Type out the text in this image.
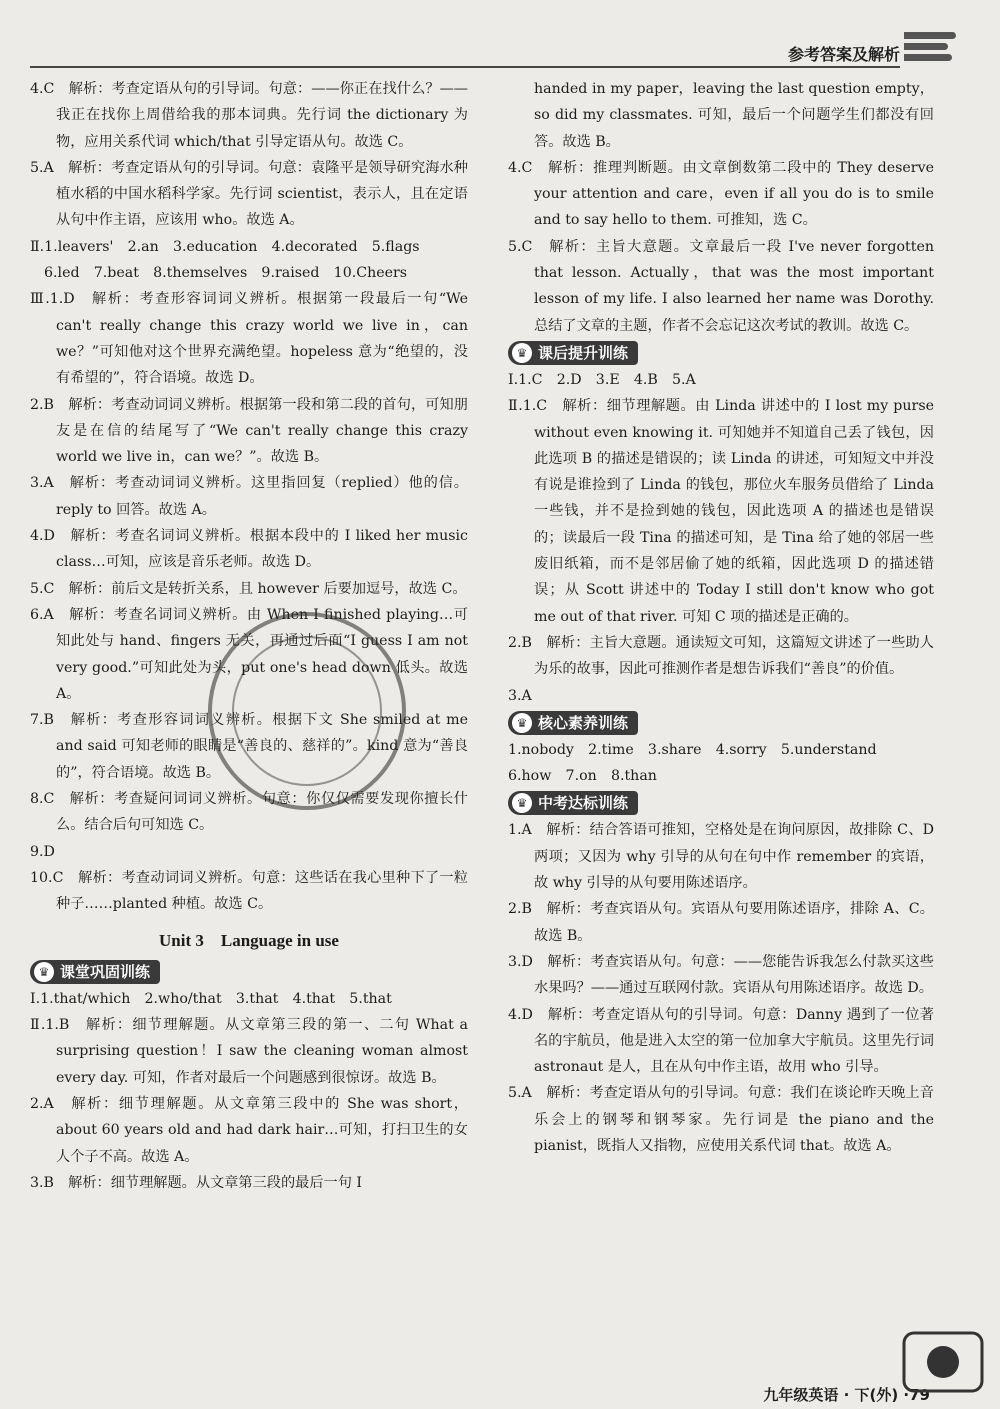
参考答案及解析

4.C　解析：考查定语从句的引导词。句意：——你正在找什么？——我正在找你上周借给我的那本词典。先行词 the dictionary 为物，应用关系代词 which/that 引导定语从句。故选 C。

5.A　解析：考查定语从句的引导词。句意：袁隆平是领导研究海水种植水稻的中国水稻科学家。先行词 scientist，表示人，且在定语从句中作主语，应该用 who。故选 A。

Ⅱ.1.leavers'　2.an　3.education　4.decorated　5.flags

6.led　7.beat　8.themselves　9.raised　10.Cheers

Ⅲ.1.D　解析：考查形容词词义辨析。根据第一段最后一句“We can't really change this crazy world we live in，can we？”可知他对这个世界充满绝望。hopeless 意为“绝望的，没有希望的”，符合语境。故选 D。

2.B　解析：考查动词词义辨析。根据第一段和第二段的首句，可知朋友是在信的结尾写了“We can't really change this crazy world we live in，can we？”。故选 B。

3.A　解析：考查动词词义辨析。这里指回复（replied）他的信。reply to 回答。故选 A。

4.D　解析：考查名词词义辨析。根据本段中的 I liked her music class…可知，应该是音乐老师。故选 D。

5.C　解析：前后文是转折关系，且 however 后要加逗号，故选 C。

6.A　解析：考查名词词义辨析。由 When I finished playing…可知此处与 hand、fingers 无关，再通过后面“I guess I am not very good.”可知此处为头，put one's head down 低头。故选 A。

7.B　解析：考查形容词词义辨析。根据下文 She smiled at me and said 可知老师的眼睛是“善良的、慈祥的”。kind 意为“善良的”，符合语境。故选 B。

8.C　解析：考查疑问词词义辨析。句意：你仅仅需要发现你擅长什么。结合后句可知选 C。

9.D

10.C　解析：考查动词词义辨析。句意：这些话在我心里种下了一粒种子……planted 种植。故选 C。

Unit 3　Language in use

♛ 课堂巩固训练

Ⅰ.1.that/which　2.who/that　3.that　4.that　5.that

Ⅱ.1.B　解析：细节理解题。从文章第三段的第一、二句 What a surprising question！I saw the cleaning woman almost every day. 可知，作者对最后一个问题感到很惊讶。故选 B。

2.A　解析：细节理解题。从文章第三段中的 She was short，about 60 years old and had dark hair…可知，打扫卫生的女人个子不高。故选 A。

3.B　解析：细节理解题。从文章第三段的最后一句 I

handed in my paper，leaving the last question empty，so did my classmates. 可知，最后一个问题学生们都没有回答。故选 B。

4.C　解析：推理判断题。由文章倒数第二段中的 They deserve your attention and care，even if all you do is to smile and to say hello to them. 可推知，选 C。

5.C　解析：主旨大意题。文章最后一段 I've never forgotten that lesson. Actually，that was the most important lesson of my life. I also learned her name was Dorothy. 总结了文章的主题，作者不会忘记这次考试的教训。故选 C。

♛ 课后提升训练

Ⅰ.1.C　2.D　3.E　4.B　5.A

Ⅱ.1.C　解析：细节理解题。由 Linda 讲述中的 I lost my purse without even knowing it. 可知她并不知道自己丢了钱包，因此选项 B 的描述是错误的；读 Linda 的讲述，可知短文中并没有说是谁捡到了 Linda 的钱包，那位火车服务员借给了 Linda 一些钱，并不是捡到她的钱包，因此选项 A 的描述也是错误的；读最后一段 Tina 的描述可知，是 Tina 给了她的邻居一些废旧纸箱，而不是邻居偷了她的纸箱，因此选项 D 的描述错误；从 Scott 讲述中的 Today I still don't know who got me out of that river. 可知 C 项的描述是正确的。

2.B　解析：主旨大意题。通读短文可知，这篇短文讲述了一些助人为乐的故事，因此可推测作者是想告诉我们“善良”的价值。

3.A

♛ 核心素养训练

1.nobody　2.time　3.share　4.sorry　5.understand

6.how　7.on　8.than

♛ 中考达标训练

1.A　解析：结合答语可推知，空格处是在询问原因，故排除 C、D 两项；又因为 why 引导的从句在句中作 remember 的宾语，故 why 引导的从句要用陈述语序。

2.B　解析：考查宾语从句。宾语从句要用陈述语序，排除 A、C。故选 B。

3.D　解析：考查宾语从句。句意：——您能告诉我怎么付款买这些水果吗？——通过互联网付款。宾语从句用陈述语序。故选 D。

4.D　解析：考查定语从句的引导词。句意：Danny 遇到了一位著名的宇航员，他是进入太空的第一位加拿大宇航员。这里先行词 astronaut 是人，且在从句中作主语，故用 who 引导。

5.A　解析：考查定语从句的引导词。句意：我们在谈论昨天晚上音乐会上的钢琴和钢琴家。先行词是 the piano and the pianist，既指人又指物，应使用关系代词 that。故选 A。

九年级英语 · 下(外) ·79
